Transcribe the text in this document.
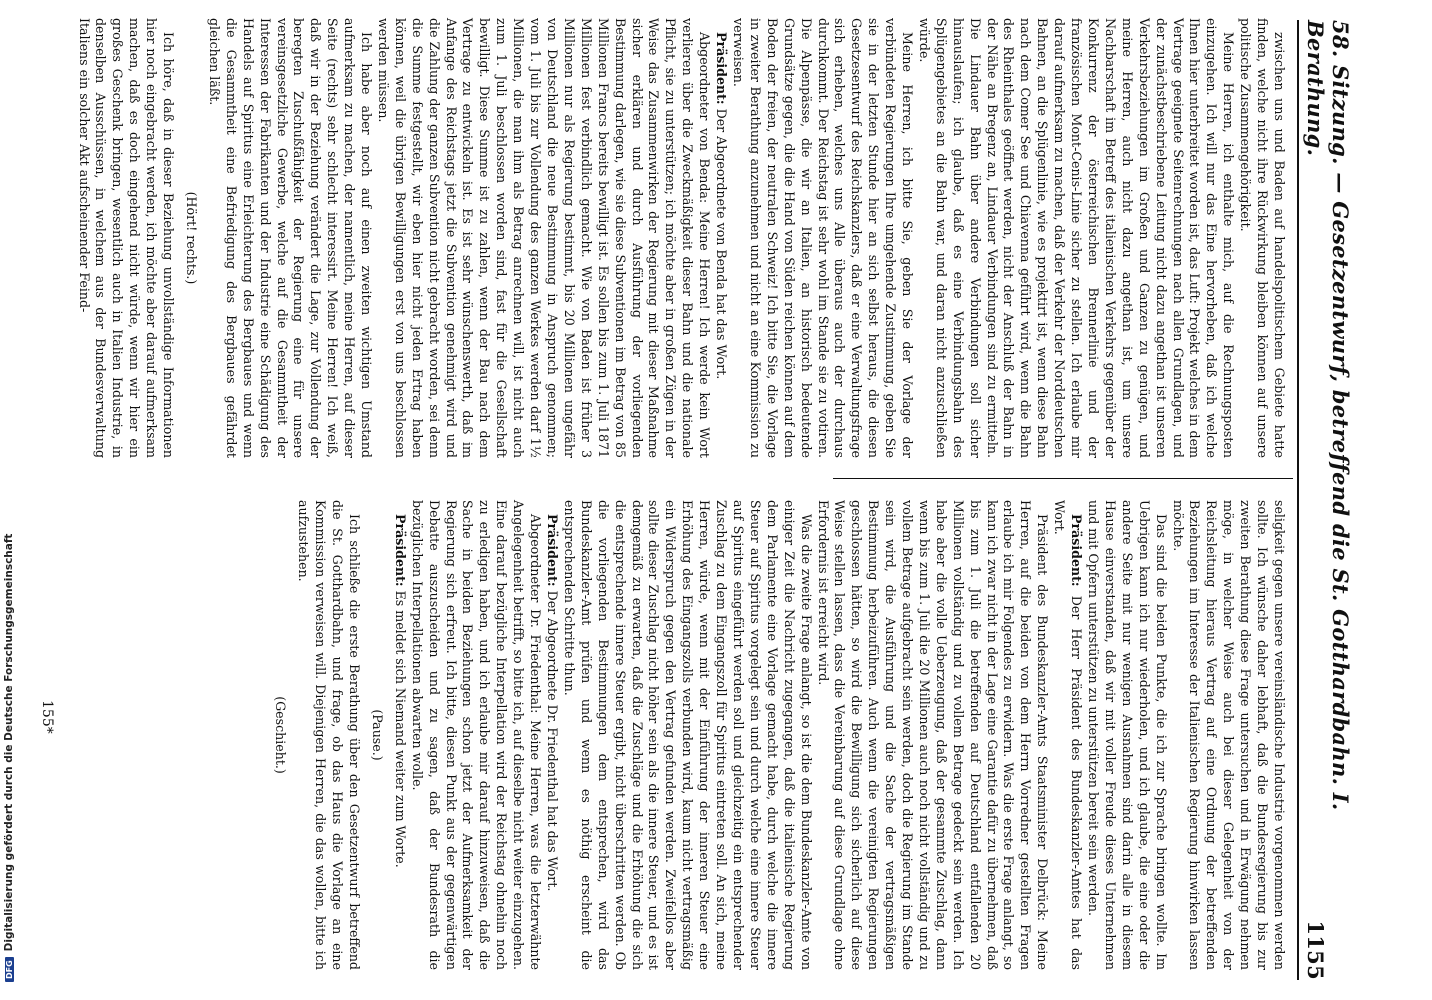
58. Sitzung. — Gesetzentwurf, betreffend die St. Gotthardbahn. I. Berathung.
1155

zwischen uns und Baden auf handelspolitischem Gebiete hatte finden, welche nicht ihre Rückwirkung bleiben können auf unsere politische Zusammengehörigkeit.

Meine Herren, ich enthalte mich, auf die Rechnungsposten einzugehen. Ich will nur das Eine hervorheben, daß ich welche Ihnen hier unterbreitet worden ist, das Luft: Projekt welches in dem Vertrage geeignete Seitenrechnungen nach allen Grundlagen, und der zunächstbeschriebene Leitung nicht dazu angethan ist unseren Verkehrsbeziehungen im Großen und Ganzen zu genügen, und meine Herren, auch nicht dazu angethan ist, um unsere Nachbarschaft im Betreff des italienischen Verkehrs gegenüber der Konkurrenz der österreichischen Brennerlinie und der französischen Mont-Cenis-Linie sicher zu stellen. Ich erlaube mir darauf aufmerksam zu machen, daß der Verkehr der Norddeutschen Bahnen, an die Splügenlinie, wie es projektirt ist, wenn diese Bahn nach dem Comer See und Chiavenna geführt wird, wenn die Bahn des Rheinthales geöffnet werden, nicht der Anschluß der Bahn in der Nähe an Bregenz an, Lindauer Verbindungen sind zu ermitteln. Die Lindauer Bahn über andere Verbindungen soll sicher hinauslaufen; ich glaube, daß es eine Verbindungsbahn des Splügengebietes an die Bahn war, und daran nicht anzuschließen würde.

Meine Herren, ich bitte Sie, geben Sie der Vorlage der verbündeten Regierungen Ihre umgehende Zustimmung, geben Sie sie in der letzten Stunde hier an sich selbst heraus, die diesen Gesetzesentwurf des Reichskanzlers, daß er eine Verwaltungsfrage sich erheben, welches uns Alle überaus auch der durchaus durchkommt. Der Reichstag ist sehr wohl im Stande sie zu votiren. Die Alpenpässe, die wir an Italien, an historisch bedeutende Grundsätze gegen, die die Hand von Süden reichen können auf dem Boden der freien, der neutralen Schweiz! Ich bitte Sie, die Vorlage in zweiter Berathung anzunehmen und nicht an eine Kommission zu verweisen.

Präsident: Der Abgeordnete von Benda hat das Wort.

Abgeordneter von Benda: Meine Herren! Ich werde kein Wort verlieren über die Zweckmäßigkeit dieser Bahn und die nationale Pflicht, sie zu unterstützen; ich möchte aber in großen Zügen in der Weise das Zusammenwirken der Regierung mit dieser Maßnahme sicher erklären und durch Ausführung der vorliegenden Bestimmung darlegen, wie sie diese Subventionen im Betrag von 85 Millionen Francs bereits bewilligt ist. Es sollen bis zum 1. Juli 1871 Millionen fest verbindlich gemacht. Wie von Baden ist früher 3 Millionen nur als Regierung bestimmt, bis 20 Millionen ungefähr von Deutschland die neue Bestimmung in Anspruch genommen; vom 1. Juli bis zur Vollendung des ganzen Werkes werden darf 1½ Millionen, die man ihm als Betrag anrechnen will, ist nicht auch zum 1. Juli beschlossen worden sind, fast für die Gesellschaft bewilligt. Diese Summe ist zu zahlen, wenn der Bau nach dem Vertrage zu entwickeln ist. Es ist sehr wünschenswerth, daß im Anfange des Reichstags jetzt die Subvention genehmigt wird und die Zahlung der ganzen Subvention nicht gebracht worden, sei denn die Summe festgestellt, wir eben hier nicht jeden Ertrag haben können, weil die übrigen Bewilligungen erst von uns beschlossen werden müssen.

Ich habe aber noch auf einen zweiten wichtigen Umstand aufmerksam zu machen, der namentlich, meine Herren, auf dieser Seite (rechts) sehr schlecht interessirt. Meine Herren! Ich weiß, daß wir in der Beziehung verändert die Lage, zur Vollendung der beregten Zuschußfähigkeit der Regierung eine für unsere vereinsgesetzliche Gewerbe, welche auf die Gesammtheit der Interessen der Fabrikanten und der Industrie eine Schädigung des Handels auf Spiritus eine Erleichterung des Bergbaues und wenn die Gesammtheit eine Befriedigung des Bergbaues gefährdet gleichen läßt.

(Hört! rechts.)

Ich höre, daß in dieser Beziehung unvollständige Informationen hier noch eingebracht werden, ich möchte aber darauf aufmerksam machen, daß es doch eingehend nicht würde, wenn wir hier ein großes Geschenk bringen, wesentlich auch in Italien Industrie, in denselben Ausschüssen, in welchem aus der Bundesverwaltung Italiens ein solcher Akt aufscheinender Feind-

seligkeit gegen unsere vereinsländische Industrie vorgenommen werden sollte. Ich wünsche daher lebhaft, daß die Bundesregierung bis zur zweiten Berathung diese Frage untersuchen und in Erwägung nehmen möge, in welcher Weise auch bei dieser Gelegenheit von der Reichsleitung hieraus Vertrag auf eine Ordnung der betreffenden Beziehungen im Interesse der Italienischen Regierung hinwirken lassen möchte.

Das sind die beiden Punkte, die ich zur Sprache bringen wollte. Im Uebrigen kann ich nur wiederholen, und ich glaube, die eine oder die andere Seite mit nur wenigen Ausnahmen sind darin alle in diesem Hause einverstanden, daß wir mit voller Freude dieses Unternehmen und mit Opfern unterstützen zu unterstützen bereit sein werden.

Präsident: Der Herr Präsident des Bundeskanzler-Amtes hat das Wort.

Präsident des Bundeskanzler-Amts Staatsminister Delbrück: Meine Herren, auf die beiden von dem Herrn Vorredner gestellten Fragen erlaube ich mir Folgendes zu erwidern. Was die erste Frage anlangt, so kann ich zwar nicht in der Lage eine Garantie dafür zu übernehmen, daß bis zum 1. Juli die betreffenden auf Deutschland entfallenden 20 Millionen vollständig und zu vollem Betrage gedeckt sein werden. Ich habe aber die volle Ueberzeugung, daß der gesammte Zuschlag, dann wenn bis zum 1. Juli die 20 Millionen auch noch nicht vollständig und zu vollem Betrage aufgebracht sein werden, doch die Regierung im Stande sein wird, die Ausführung und die Sache der vertragsmäßigen Bestimmung herbeizuführen. Auch wenn die vereinigten Regierungen geschlossen hätten, so wird die Bewilligung sich sicherlich auf diese Weise stellen lassen, dass die Vereinbarung auf diese Grundlage ohne Erfordernis ist erreicht wird.

Was die zweite Frage anlangt, so ist die dem Bundeskanzler-Amte von einiger Zeit die Nachricht zugegangen, daß die italienische Regierung dem Parlamente eine Vorlage gemacht habe, durch welche die innere Steuer auf Spiritus vorgelegt sein und durch welche eine innere Steuer auf Spiritus eingeführt werden soll und gleichzeitig ein entsprechender Zuschlag zu dem Eingangszoll für Spiritus eintreten soll. An sich, meine Herren, würde, wenn mit der Einführung der inneren Steuer eine Erhöhung des Eingangszolls verbunden wird, kaum nicht vertragsmäßig ein Widerspruch gegen den Vertrag gefunden werden. Zweifellos aber sollte dieser Zuschlag nicht höher sein als die innere Steuer, und es ist demgemäß zu erwarten, daß die Zuschläge und die Erhöhung die sich die entsprechende innere Steuer ergibt, nicht überschritten werden. Ob die vorliegenden Bestimmungen dem entsprechen, wird das Bundeskanzler-Amt prüfen und wenn es nöthig erscheint die entsprechenden Schritte thun.

Präsident: Der Abgeordnete Dr. Friedenthal hat das Wort.

Abgeordneter Dr. Friedenthal: Meine Herren, was die letzterwähnte Angelegenheit betrifft, so bitte ich, auf dieselbe nicht weiter einzugehen. Eine darauf bezügliche Interpellation wird der Reichstag ohnehin noch zu erledigen haben, und ich erlaube mir darauf hinzuweisen, daß die Sache in beiden Beziehungen schon jetzt der Aufmerksamkeit der Regierung sich erfreut. Ich bitte, diesen Punkt aus der gegenwärtigen Debatte auszuscheiden und zu sagen, daß der Bundesrath die bezüglichen Interpellationen abwarten wolle.

Präsident: Es meldet sich Niemand weiter zum Worte.

(Pause.)

Ich schließe die erste Berathung über den Gesetzentwurf betreffend die St. Gotthardbahn, und frage, ob das Haus die Vorlage an eine Kommission verweisen will. Diejenigen Herren, die das wollen, bitte ich aufzustehen.

(Geschieht.)

155*
DFG
Digitalisierung gefördert durch die Deutsche Forschungsgemeinschaft
